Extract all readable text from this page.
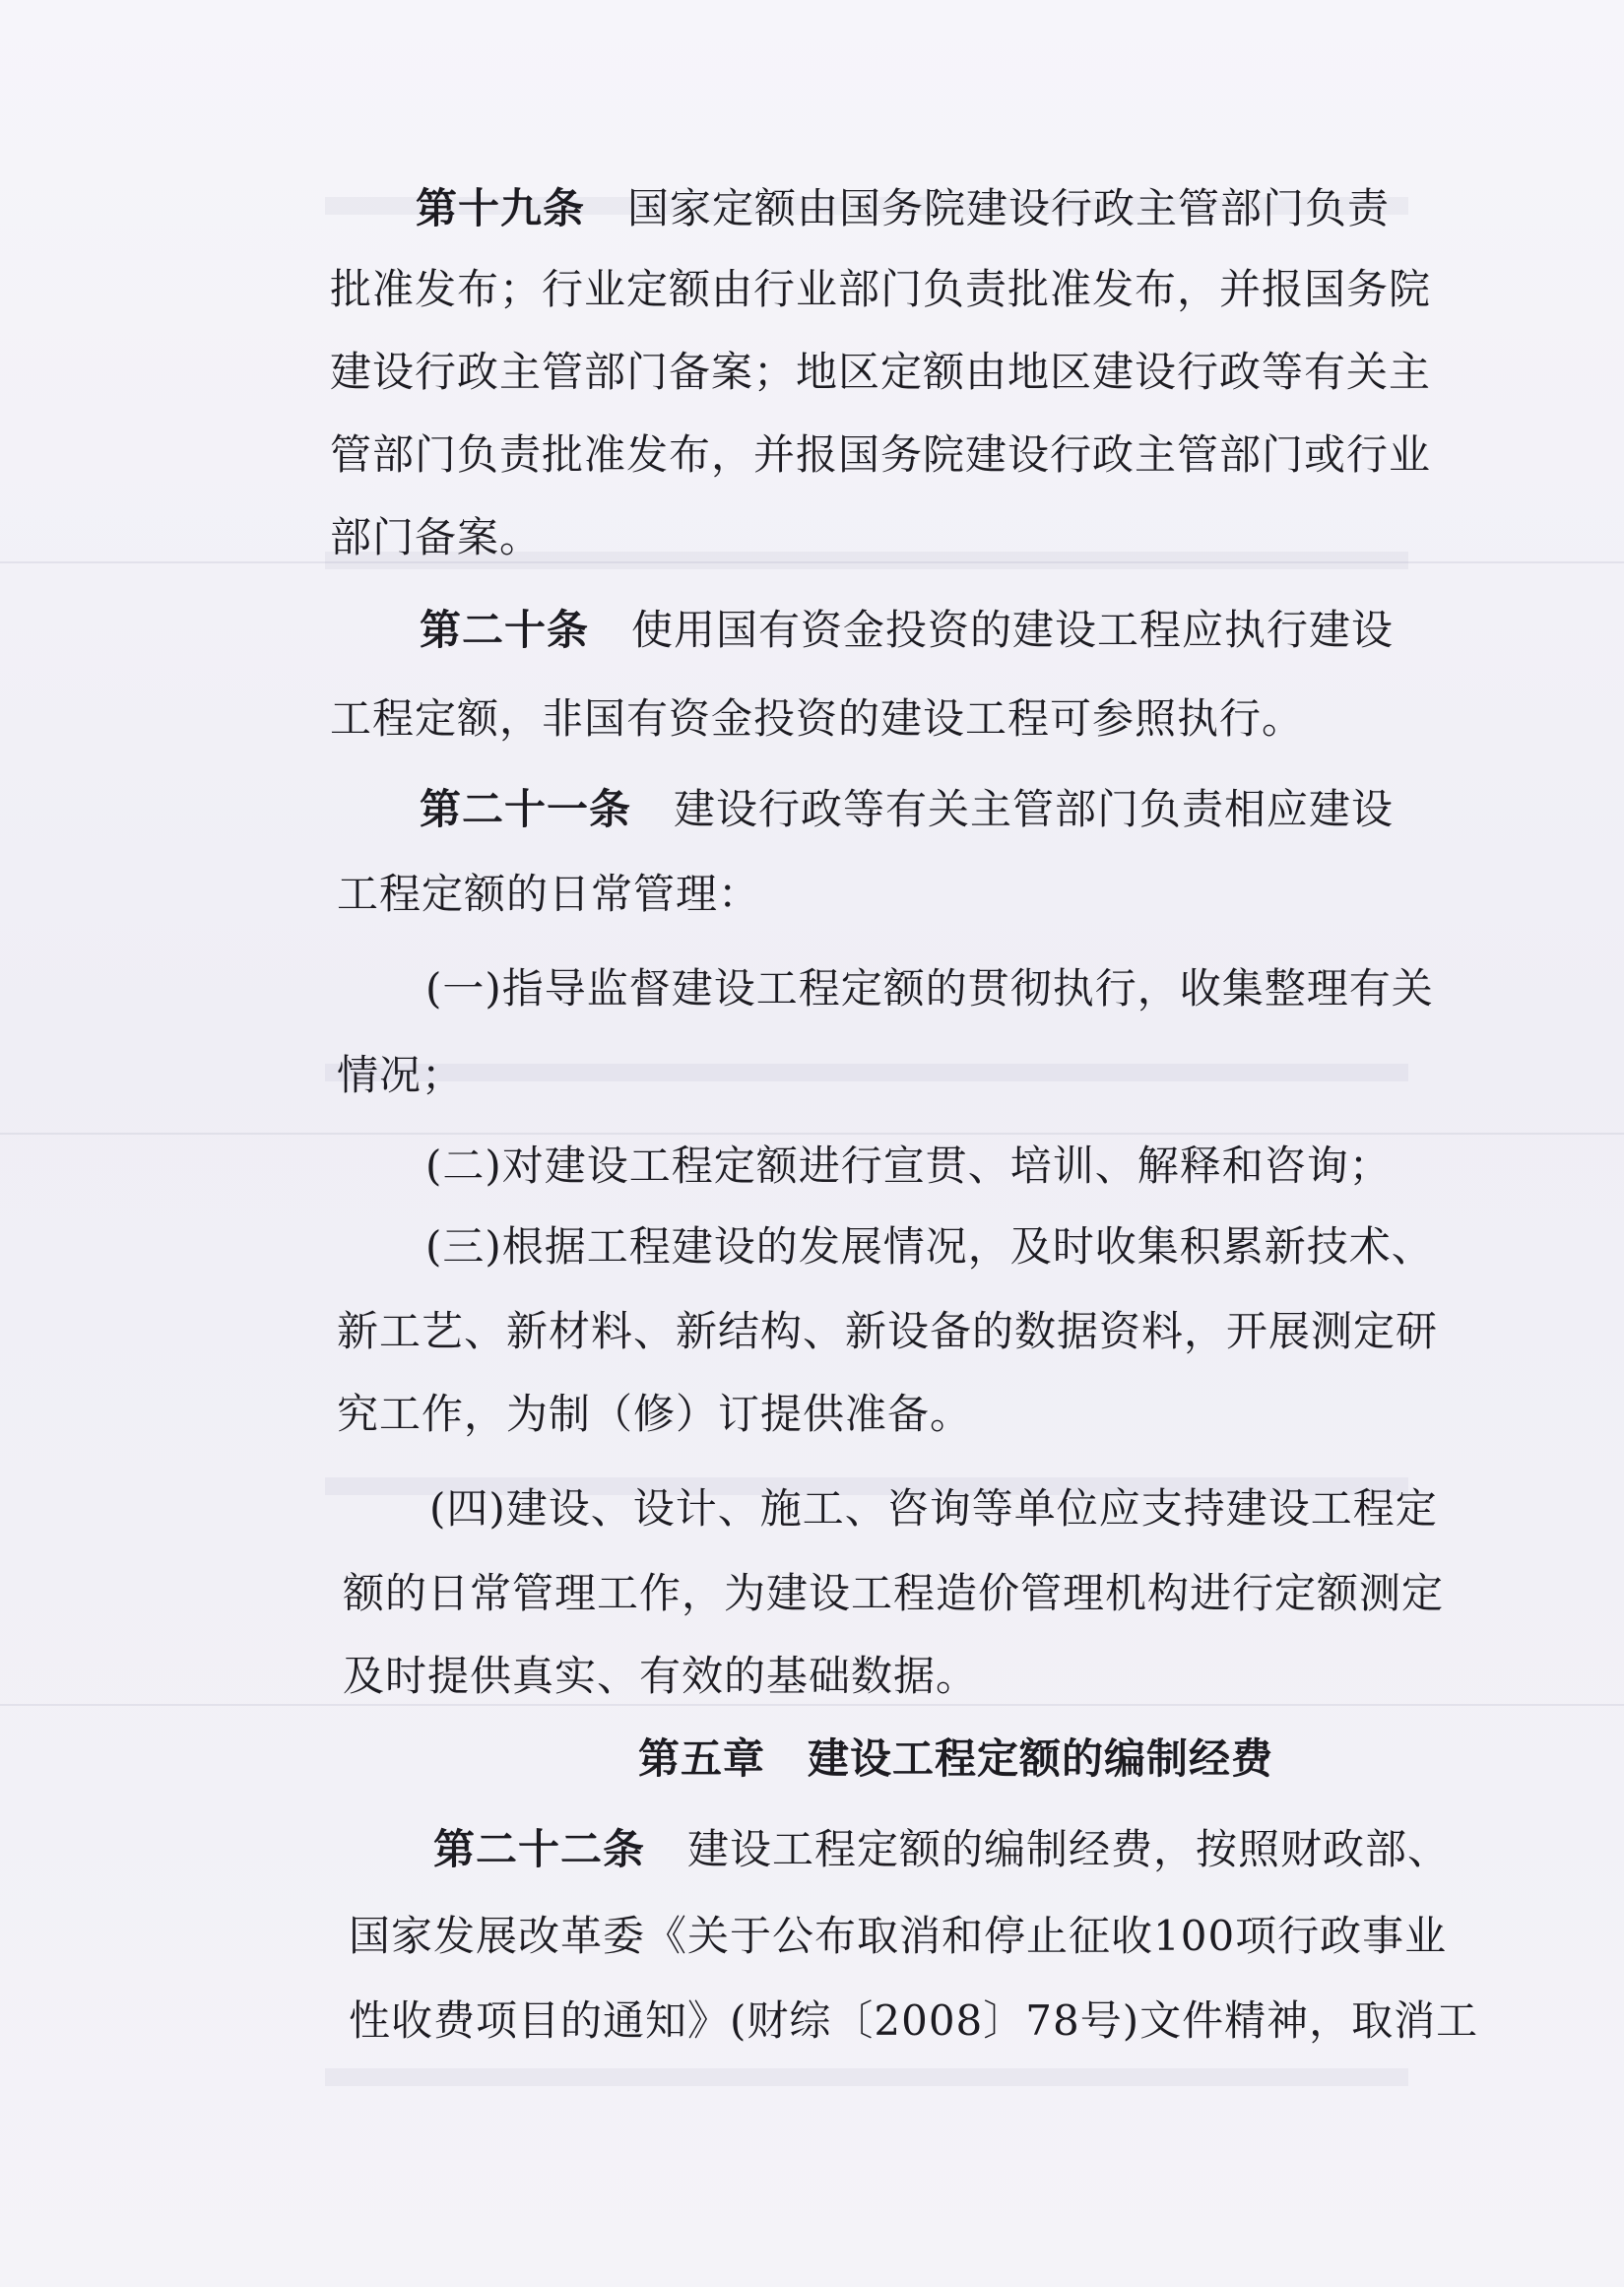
第十九条　国家定额由国务院建设行政主管部门负责
批准发布；行业定额由行业部门负责批准发布，并报国务院
建设行政主管部门备案；地区定额由地区建设行政等有关主
管部门负责批准发布，并报国务院建设行政主管部门或行业
部门备案。
第二十条　使用国有资金投资的建设工程应执行建设
工程定额，非国有资金投资的建设工程可参照执行。
第二十一条　建设行政等有关主管部门负责相应建设
工程定额的日常管理：
(一)指导监督建设工程定额的贯彻执行，收集整理有关
情况；
(二)对建设工程定额进行宣贯、培训、解释和咨询；
(三)根据工程建设的发展情况，及时收集积累新技术、
新工艺、新材料、新结构、新设备的数据资料，开展测定研
究工作，为制（修）订提供准备。
(四)建设、设计、施工、咨询等单位应支持建设工程定
额的日常管理工作，为建设工程造价管理机构进行定额测定
及时提供真实、有效的基础数据。
第五章　建设工程定额的编制经费
第二十二条　建设工程定额的编制经费，按照财政部、
国家发展改革委《关于公布取消和停止征收100项行政事业
性收费项目的通知》(财综〔2008〕78号)文件精神，取消工
